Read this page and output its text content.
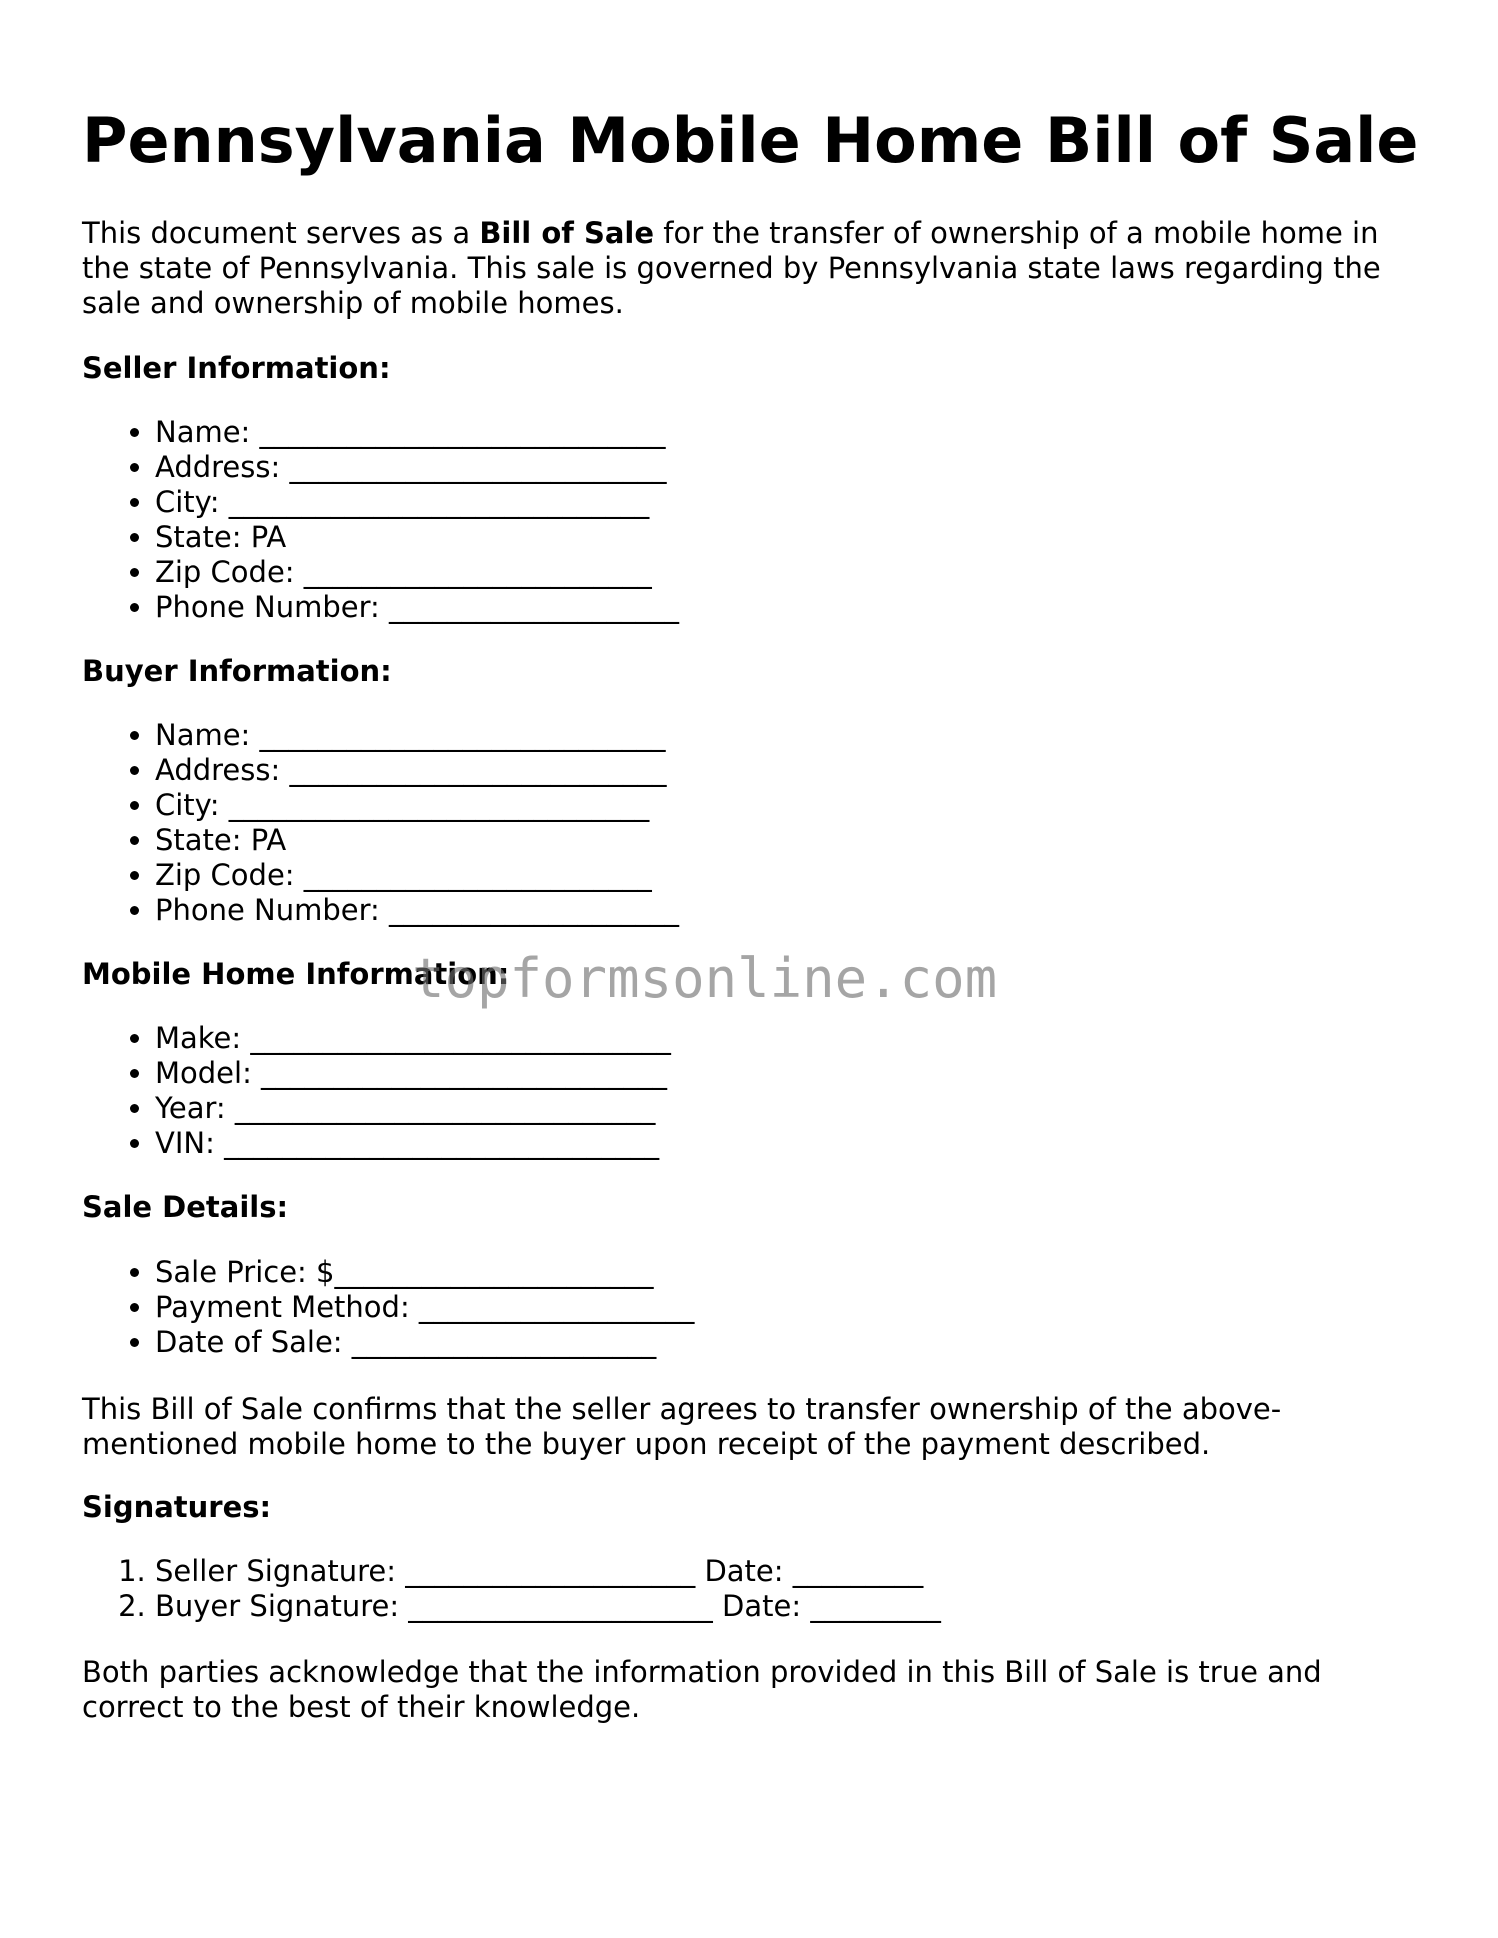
Pennsylvania Mobile Home Bill of Sale

This document serves as a Bill of Sale for the transfer of ownership of a mobile home in the state of Pennsylvania. This sale is governed by Pennsylvania state laws regarding the sale and ownership of mobile homes.

Seller Information:
• Name: ____________________________
• Address: __________________________
• City: _____________________________
• State: PA
• Zip Code: ________________________
• Phone Number: ____________________
Buyer Information:
• Name: ____________________________
• Address: __________________________
• City: _____________________________
• State: PA
• Zip Code: ________________________
• Phone Number: ____________________
Mobile Home Information:
• Make: _____________________________
• Model: ____________________________
• Year: _____________________________
• VIN: ______________________________
Sale Details:
• Sale Price: $______________________
• Payment Method: ___________________
• Date of Sale: _____________________

This Bill of Sale confirms that the seller agrees to transfer ownership of the above-mentioned mobile home to the buyer upon receipt of the payment described.

Signatures:
1. Seller Signature: ____________________ Date: _________
2. Buyer Signature: _____________________ Date: _________

Both parties acknowledge that the information provided in this Bill of Sale is true and correct to the best of their knowledge.

topformsonline.com
